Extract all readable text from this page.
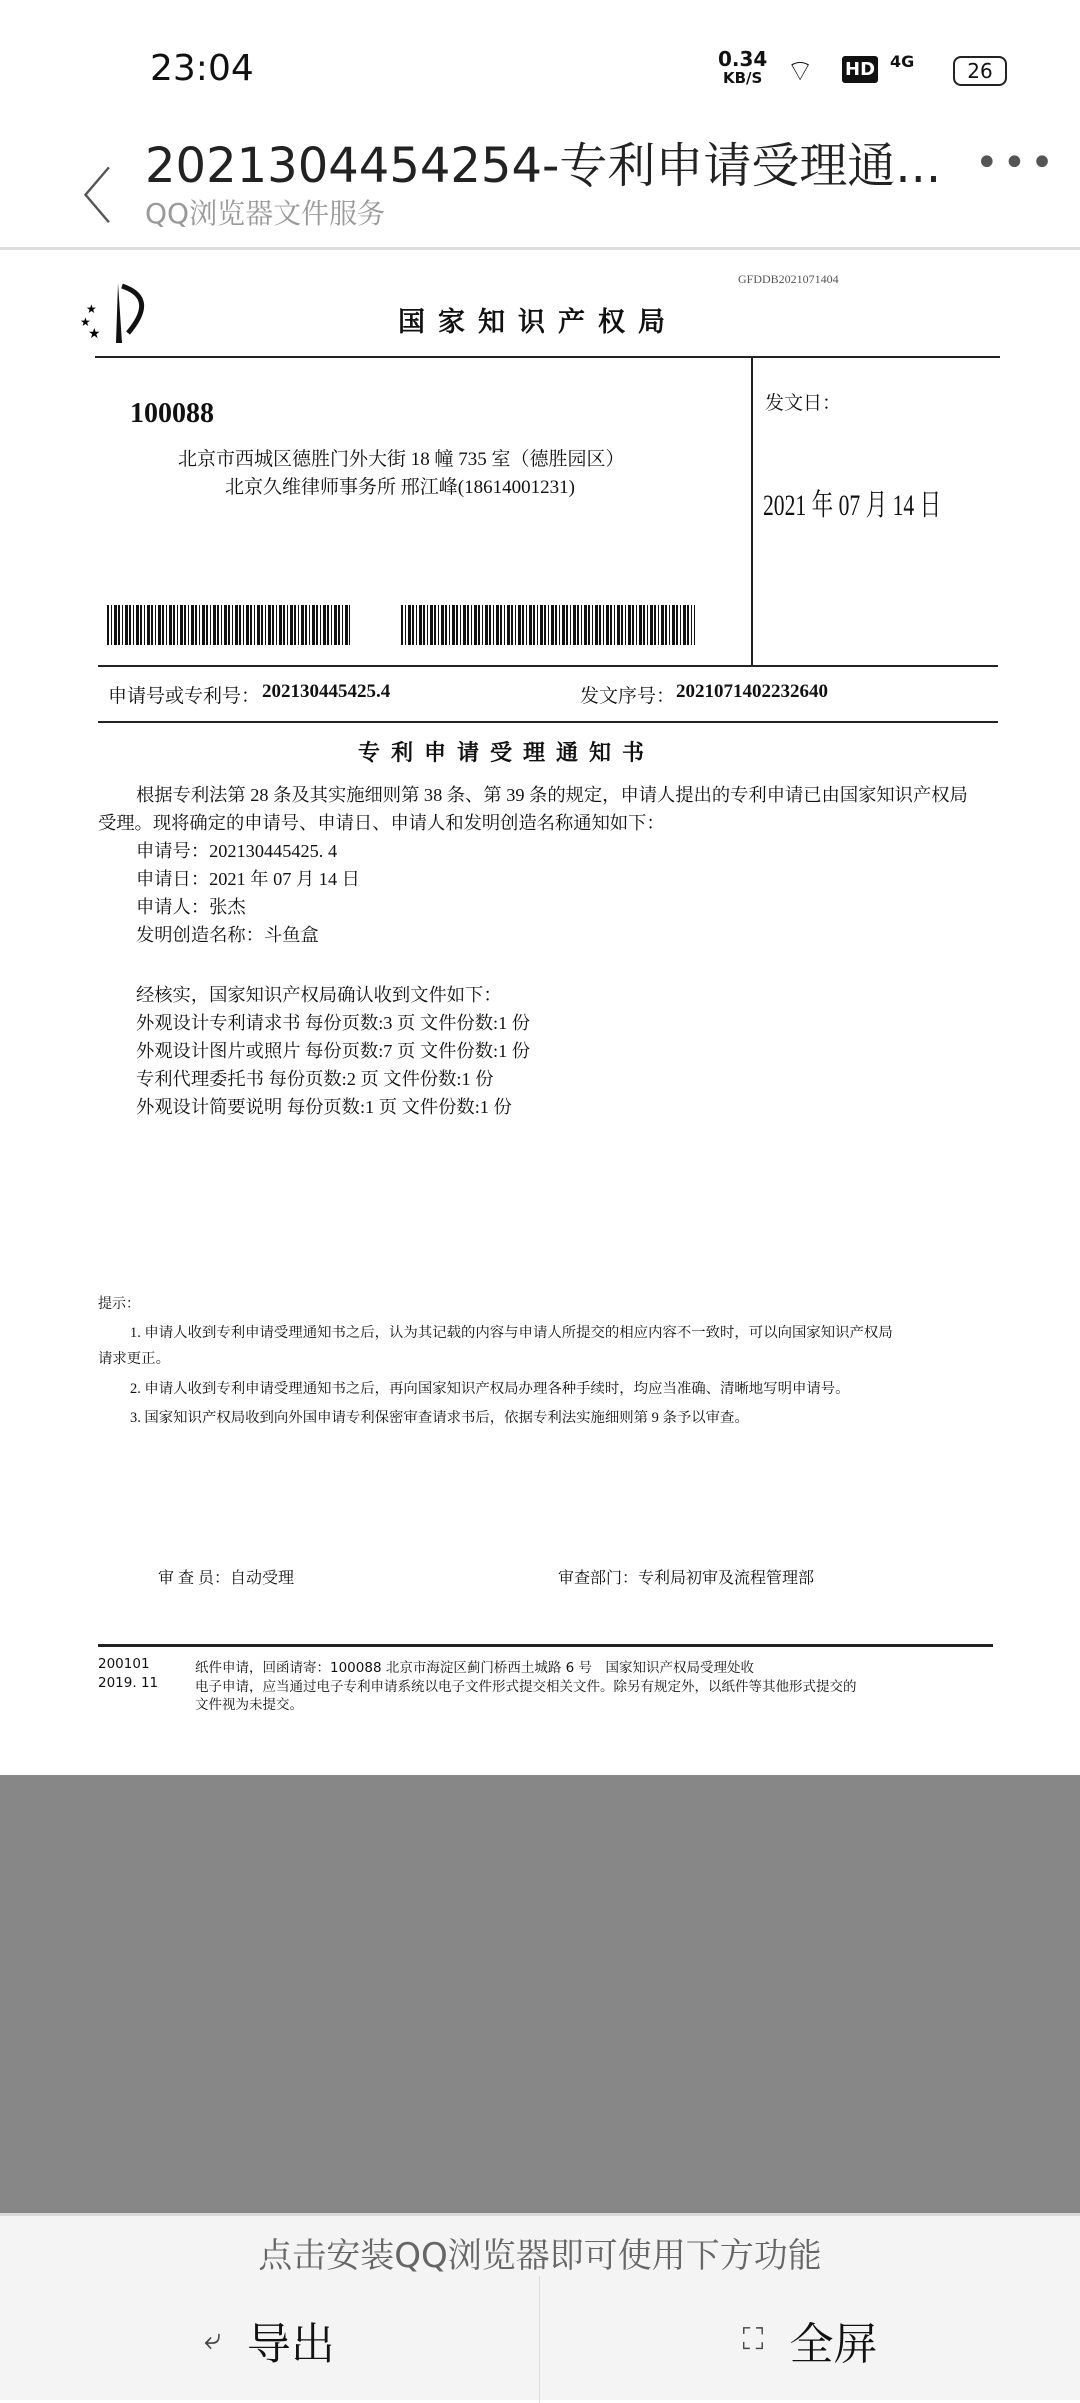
23:04	0.34
KB/S ⌔ HD 4G	26
〈 2021304454254-专利申请受理通...
QQ浏览器文件服务
•••
GFDDB2021071404
★
★
★	国家知识产权局
100088
北京市西城区德胜门外大街 18 幢 735 室（德胜园区）
北京久维律师事务所 邢江峰(18614001231)
发文日：
2021 年 07 月 14 日
申请号或专利号： 202130445425.4	发文序号： 2021071402232640
专利申请受理通知书
根据专利法第 28 条及其实施细则第 38 条、第 39 条的规定，申请人提出的专利申请已由国家知识产权局
受理。现将确定的申请号、申请日、申请人和发明创造名称通知如下：
申请号：202130445425. 4
申请日：2021 年 07 月 14 日
申请人：张杰
发明创造名称：斗鱼盒
经核实，国家知识产权局确认收到文件如下：
外观设计专利请求书 每份页数:3 页 文件份数:1 份
外观设计图片或照片 每份页数:7 页 文件份数:1 份
专利代理委托书 每份页数:2 页 文件份数:1 份
外观设计简要说明 每份页数:1 页 文件份数:1 份
提示：
1. 申请人收到专利申请受理通知书之后，认为其记载的内容与申请人所提交的相应内容不一致时，可以向国家知识产权局
请求更正。
2. 申请人收到专利申请受理通知书之后，再向国家知识产权局办理各种手续时，均应当准确、清晰地写明申请号。
3. 国家知识产权局收到向外国申请专利保密审查请求书后，依据专利法实施细则第 9 条予以审查。
审 查 员：自动受理	审查部门：专利局初审及流程管理部
200101
2019. 11
纸件申请，回函请寄：100088 北京市海淀区蓟门桥西土城路 6 号　国家知识产权局受理处收
电子申请，应当通过电子专利申请系统以电子文件形式提交相关文件。除另有规定外，以纸件等其他形式提交的
文件视为未提交。
点击安装QQ浏览器即可使用下方功能
⤶ 导出	⛶ 全屏
